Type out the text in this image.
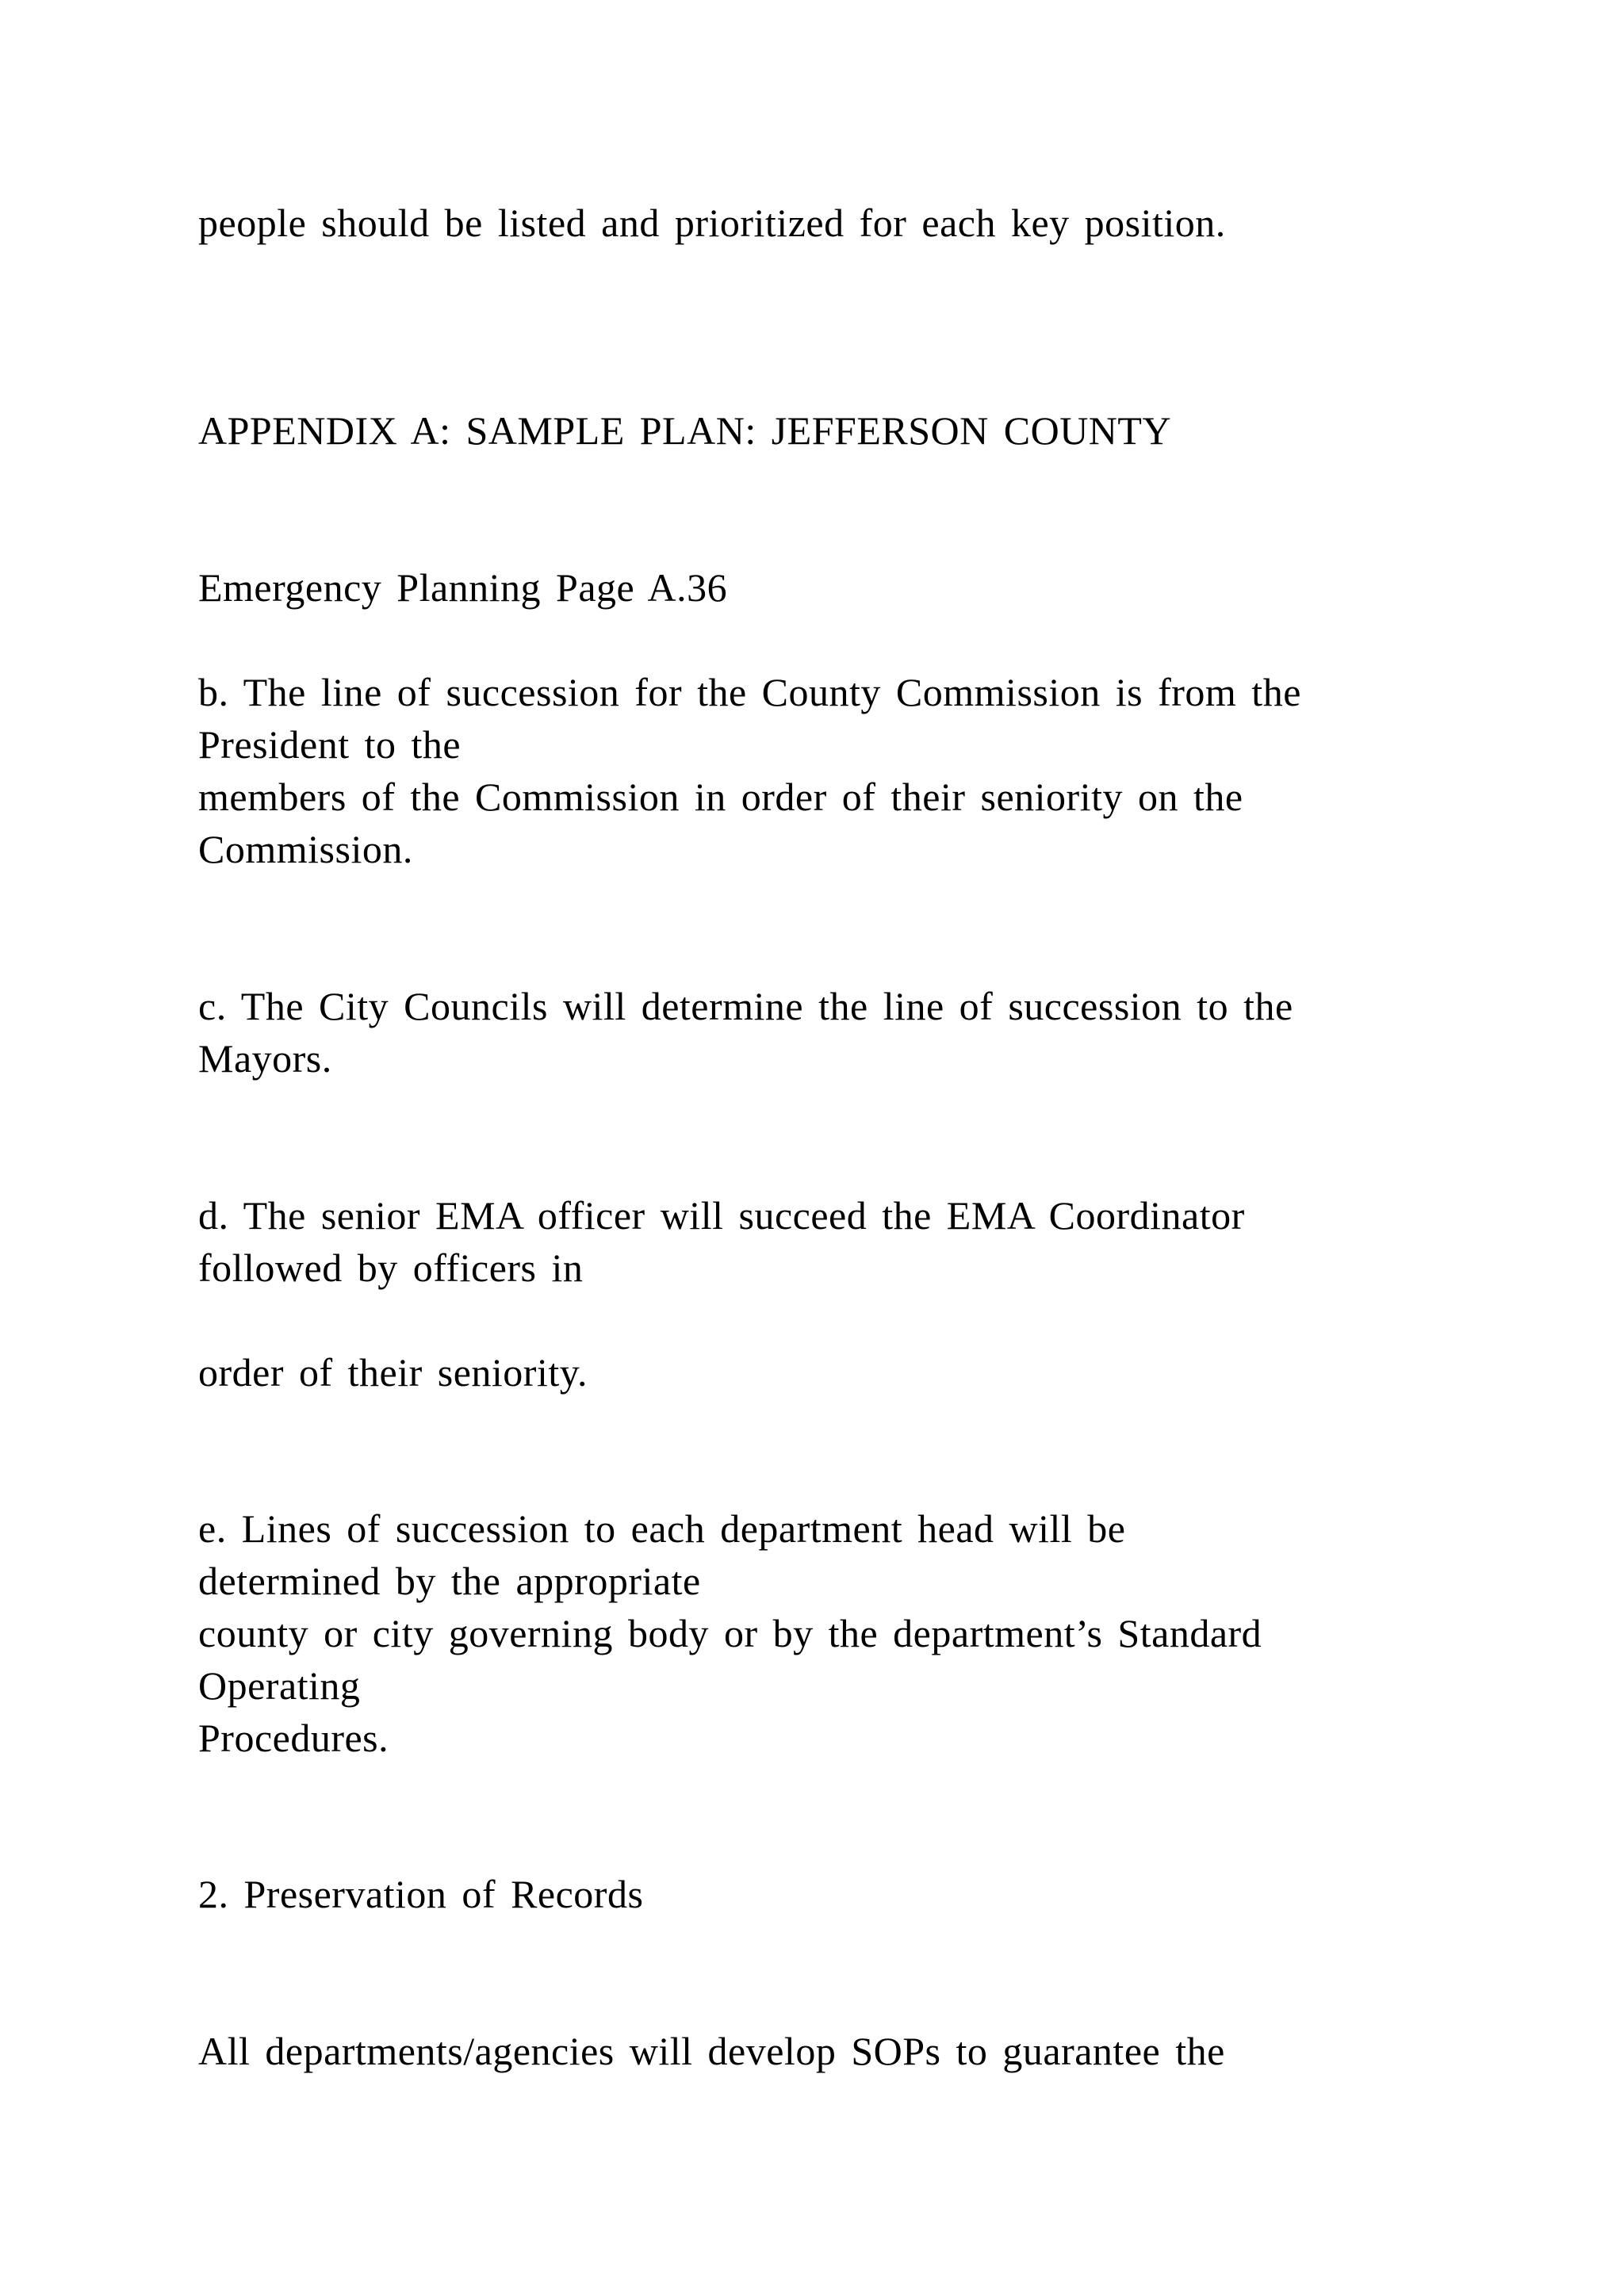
people should be listed and prioritized for each key position.
APPENDIX A: SAMPLE PLAN: JEFFERSON COUNTY
Emergency Planning Page A.36
b. The line of succession for the County Commission is from the
President to the
members of the Commission in order of their seniority on the
Commission.
c. The City Councils will determine the line of succession to the
Mayors.
d. The senior EMA officer will succeed the EMA Coordinator
followed by officers in
order of their seniority.
e. Lines of succession to each department head will be
determined by the appropriate
county or city governing body or by the department’s Standard
Operating
Procedures.
2. Preservation of Records
All departments/agencies will develop SOPs to guarantee the
